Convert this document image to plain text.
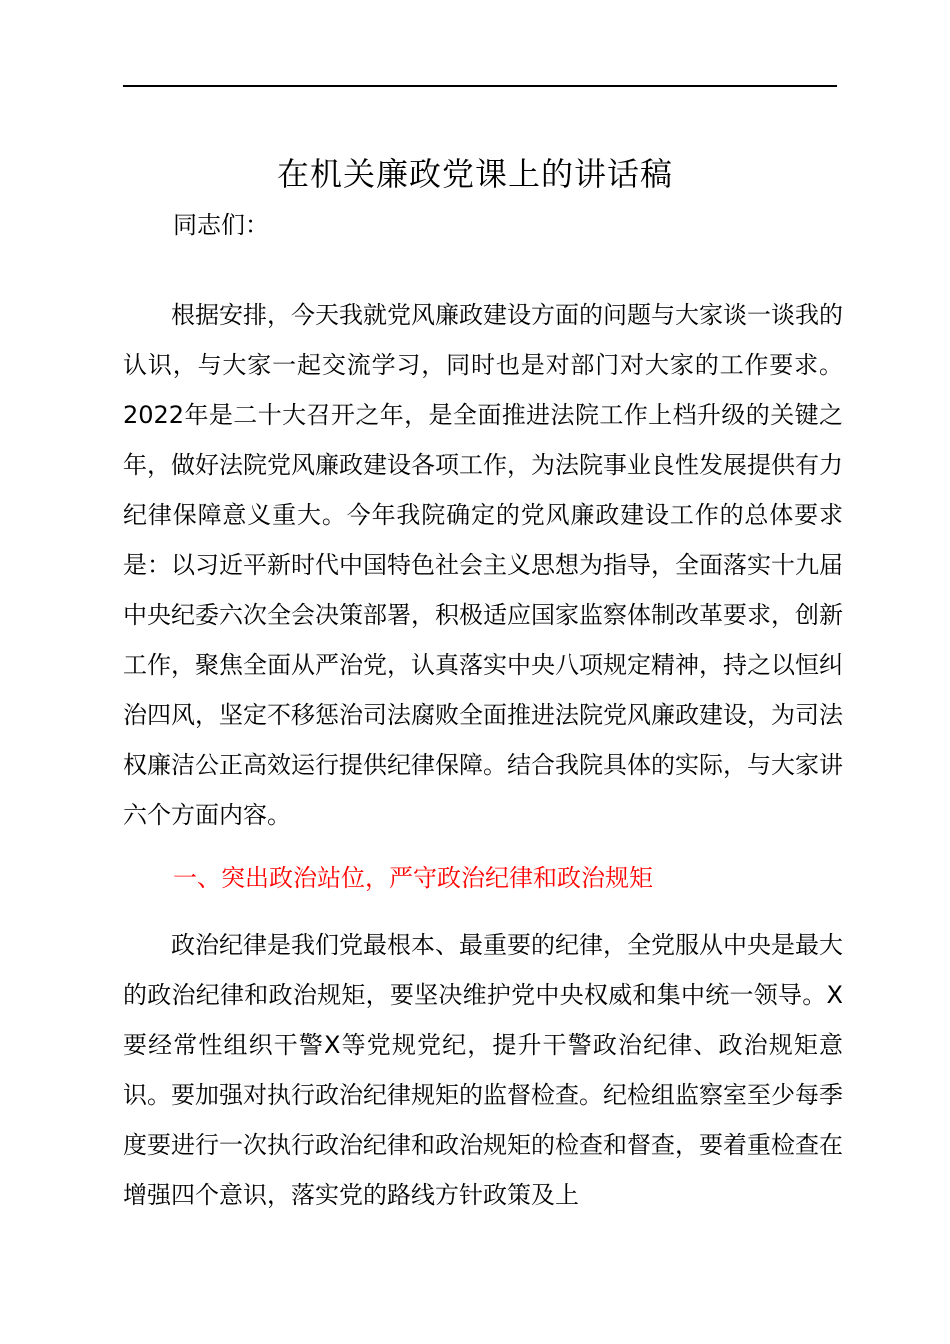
在机关廉政党课上的讲话稿
同志们：

根据安排，今天我就党风廉政建设方面的问题与大家谈一谈我的认识，与大家一起交流学习，同时也是对部门对大家的工作要求。2022年是二十大召开之年，是全面推进法院工作上档升级的关键之年，做好法院党风廉政建设各项工作，为法院事业良性发展提供有力纪律保障意义重大。今年我院确定的党风廉政建设工作的总体要求是：以习近平新时代中国特色社会主义思想为指导，全面落实十九届中央纪委六次全会决策部署，积极适应国家监察体制改革要求，创新工作，聚焦全面从严治党，认真落实中央八项规定精神，持之以恒纠治四风，坚定不移惩治司法腐败全面推进法院党风廉政建设，为司法权廉洁公正高效运行提供纪律保障。结合我院具体的实际，与大家讲六个方面内容。

一、突出政治站位，严守政治纪律和政治规矩

政治纪律是我们党最根本、最重要的纪律，全党服从中央是最大的政治纪律和政治规矩，要坚决维护党中央权威和集中统一领导。X要经常性组织干警X等党规党纪，提升干警政治纪律、政治规矩意识。要加强对执行政治纪律规矩的监督检查。纪检组监察室至少每季度要进行一次执行政治纪律和政治规矩的检查和督查，要着重检查在增强四个意识，落实党的路线方针政策及上
